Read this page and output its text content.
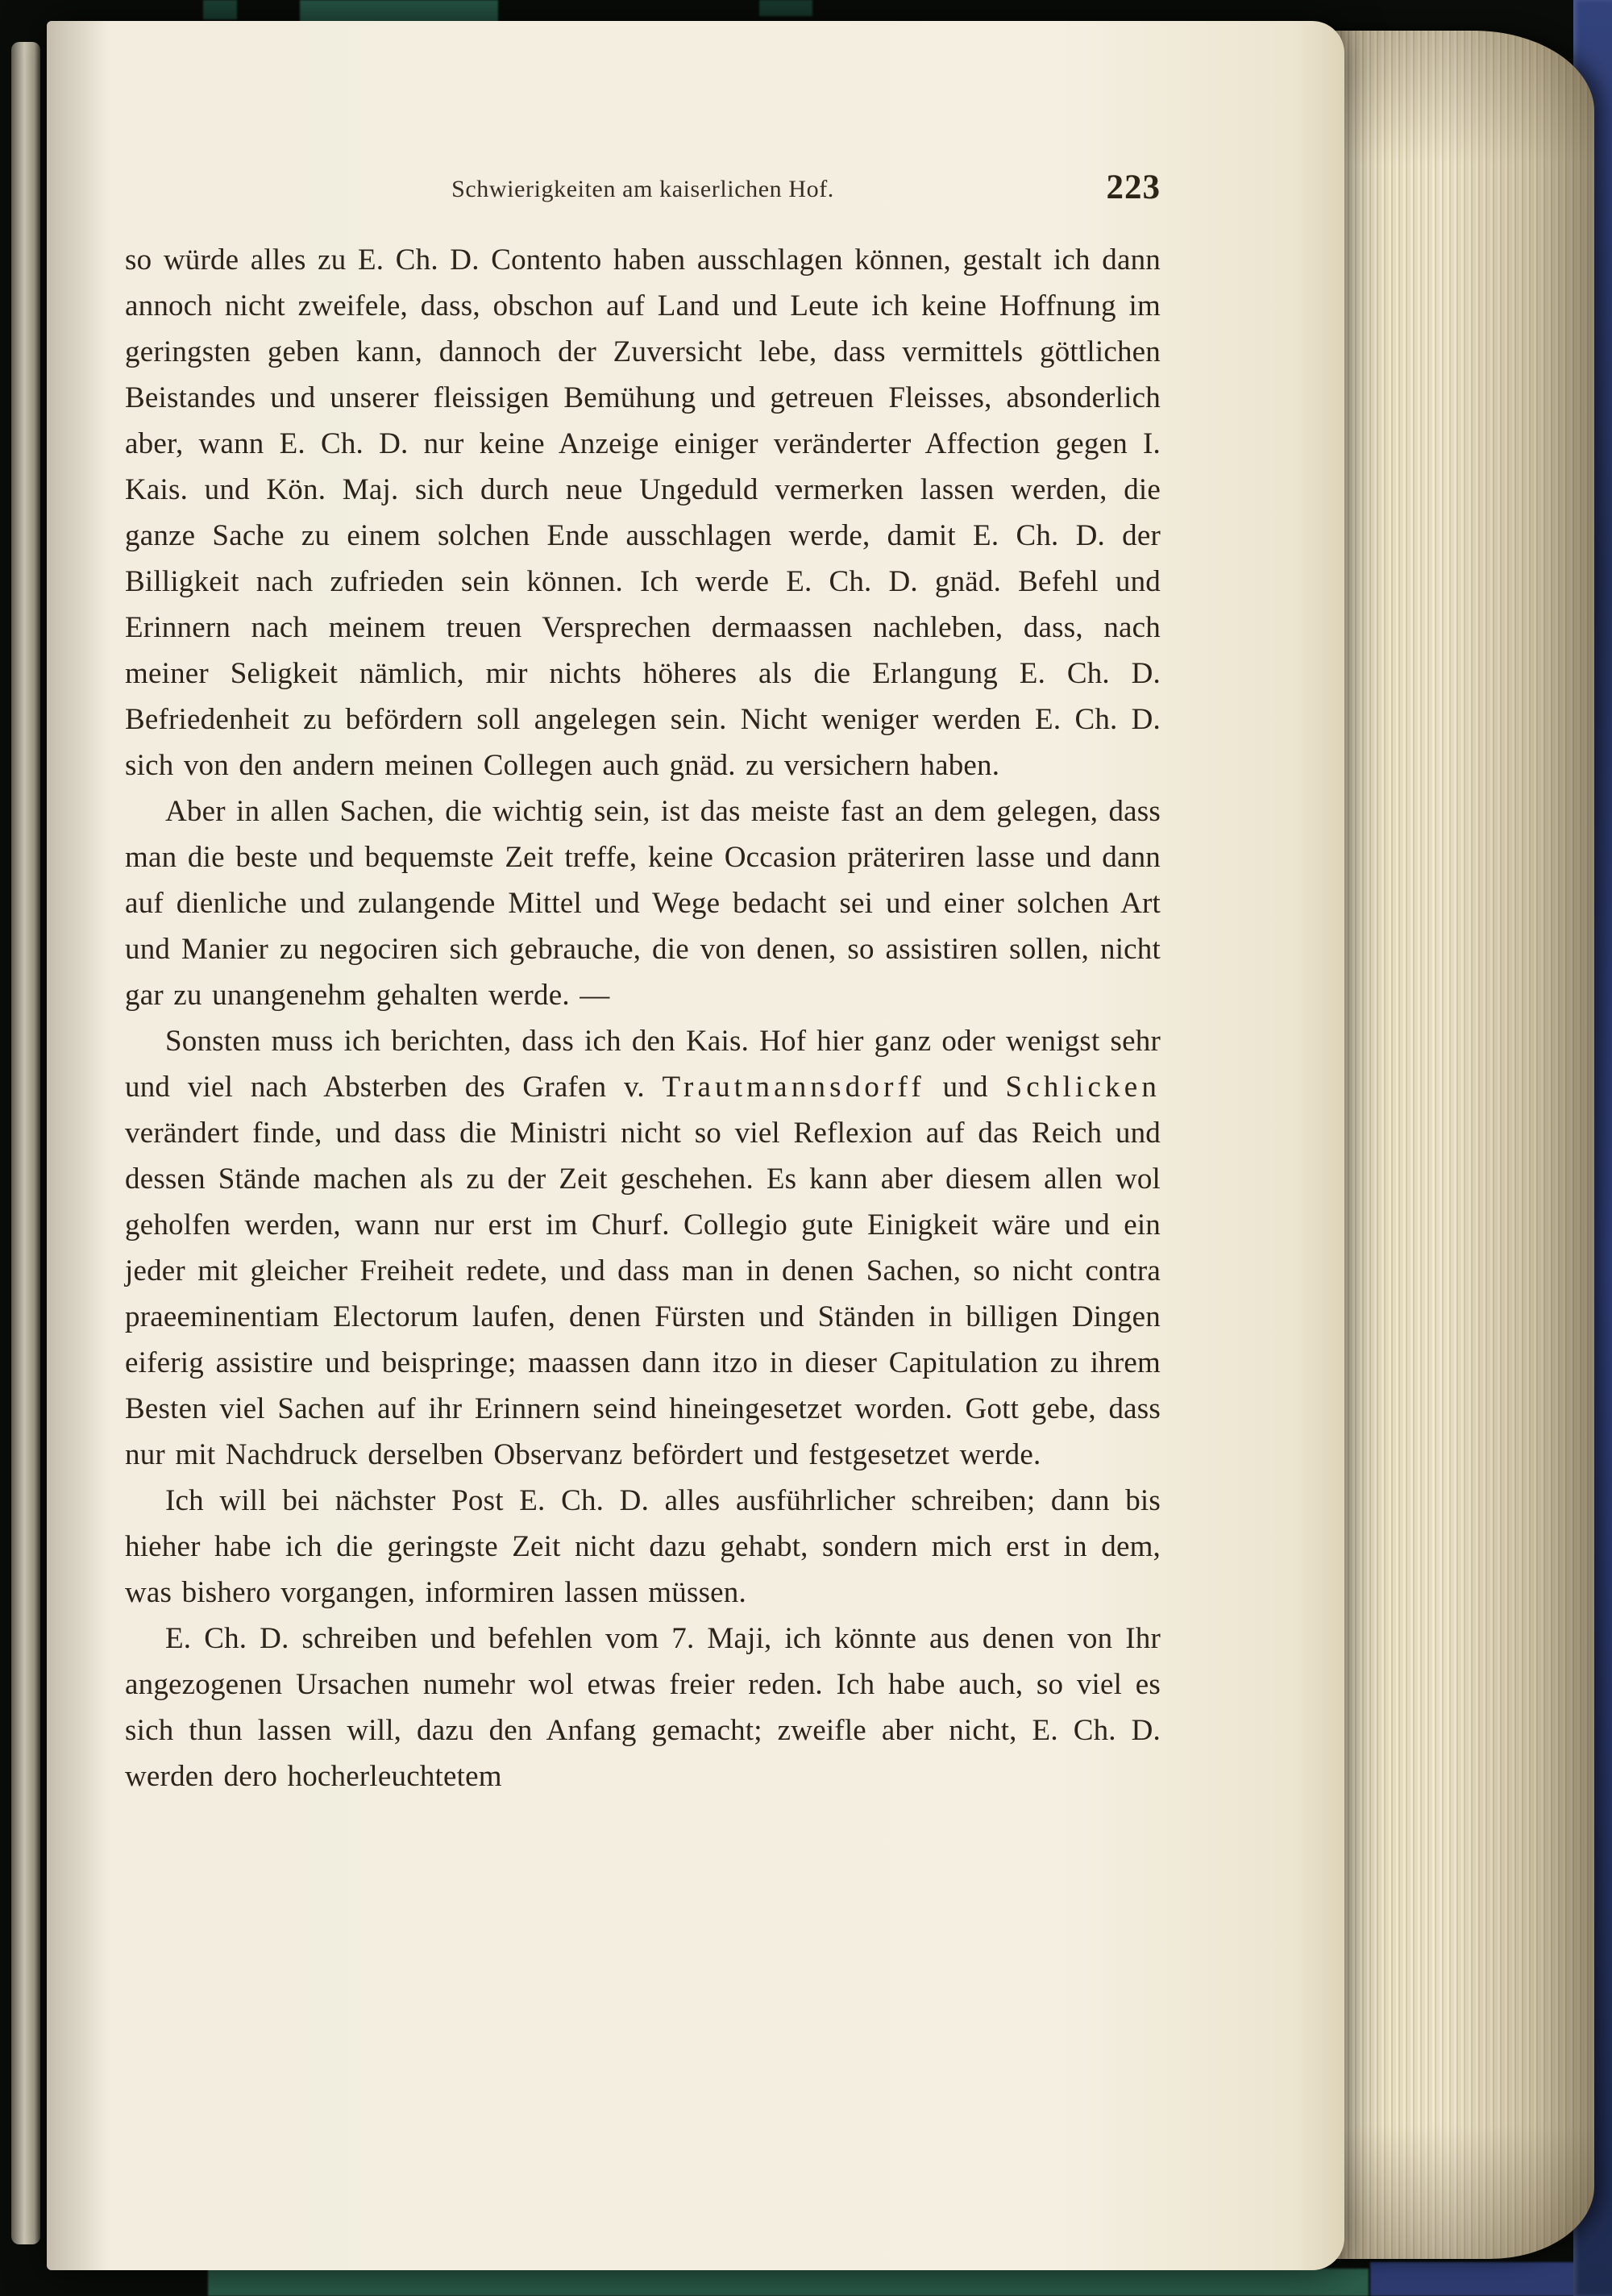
Schwierigkeiten am kaiserlichen Hof.	223

so würde alles zu E. Ch. D. Contento haben ausschlagen können, gestalt ich dann annoch nicht zweifele, dass, obschon auf Land und Leute ich keine Hoffnung im geringsten geben kann, dannoch der Zuversicht lebe, dass vermittels göttlichen Beistandes und unserer fleissigen Bemühung und getreuen Fleisses, absonderlich aber, wann E. Ch. D. nur keine Anzeige einiger veränderter Affection gegen I. Kais. und Kön. Maj. sich durch neue Ungeduld vermerken lassen werden, die ganze Sache zu einem solchen Ende ausschlagen werde, damit E. Ch. D. der Billigkeit nach zufrieden sein können. Ich werde E. Ch. D. gnäd. Befehl und Erinnern nach meinem treuen Versprechen dermaassen nachleben, dass, nach meiner Seligkeit nämlich, mir nichts höheres als die Erlangung E. Ch. D. Befriedenheit zu befördern soll angelegen sein. Nicht weniger werden E. Ch. D. sich von den andern meinen Collegen auch gnäd. zu versichern haben.

Aber in allen Sachen, die wichtig sein, ist das meiste fast an dem gelegen, dass man die beste und bequemste Zeit treffe, keine Occasion präteriren lasse und dann auf dienliche und zulangende Mittel und Wege bedacht sei und einer solchen Art und Manier zu negociren sich gebrauche, die von denen, so assistiren sollen, nicht gar zu unangenehm gehalten werde. —

Sonsten muss ich berichten, dass ich den Kais. Hof hier ganz oder wenigst sehr und viel nach Absterben des Grafen v. Trautmannsdorff und Schlicken verändert finde, und dass die Ministri nicht so viel Reflexion auf das Reich und dessen Stände machen als zu der Zeit geschehen. Es kann aber diesem allen wol geholfen werden, wann nur erst im Churf. Collegio gute Einigkeit wäre und ein jeder mit gleicher Freiheit redete, und dass man in denen Sachen, so nicht contra praeeminentiam Electorum laufen, denen Fürsten und Ständen in billigen Dingen eiferig assistire und beispringe; maassen dann itzo in dieser Capitulation zu ihrem Besten viel Sachen auf ihr Erinnern seind hineingesetzet worden. Gott gebe, dass nur mit Nachdruck derselben Observanz befördert und festgesetzet werde.

Ich will bei nächster Post E. Ch. D. alles ausführlicher schreiben; dann bis hieher habe ich die geringste Zeit nicht dazu gehabt, sondern mich erst in dem, was bishero vorgangen, informiren lassen müssen.

E. Ch. D. schreiben und befehlen vom 7. Maji, ich könnte aus denen von Ihr angezogenen Ursachen numehr wol etwas freier reden. Ich habe auch, so viel es sich thun lassen will, dazu den Anfang gemacht; zweifle aber nicht, E. Ch. D. werden dero hocherleuchtetem
